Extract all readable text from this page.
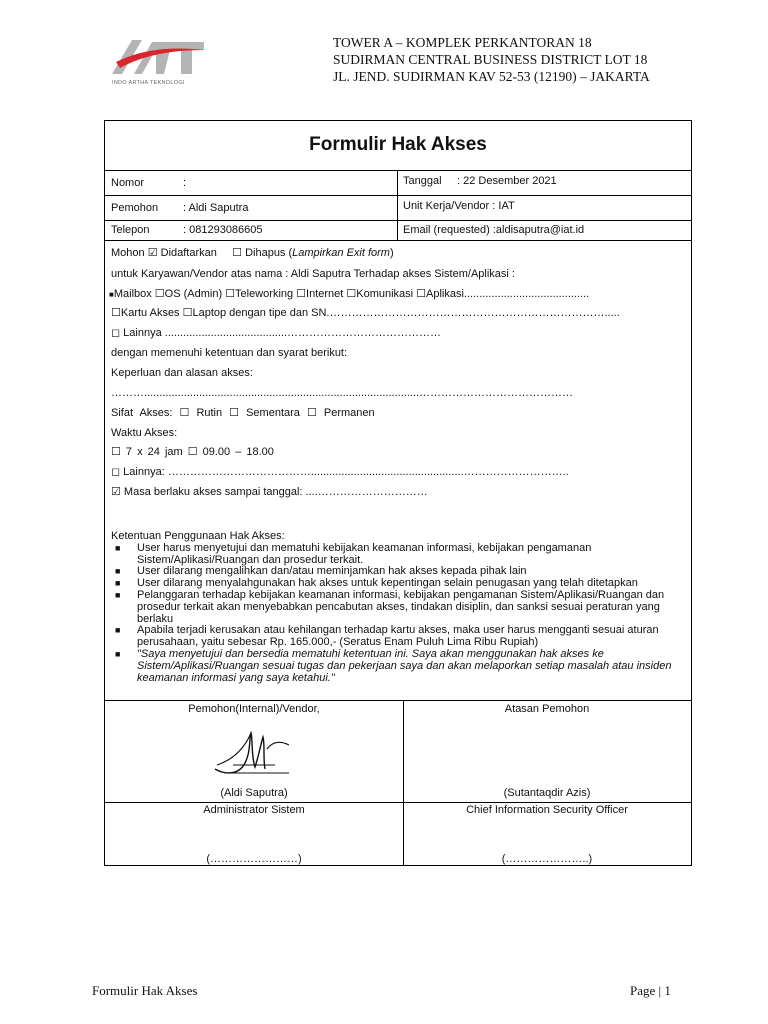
INDO ARTHA TEKNOLOGI
TOWER A – KOMPLEK PERKANTORAN 18
SUDIRMAN CENTRAL BUSINESS DISTRICT LOT 18
JL. JEND. SUDIRMAN KAV 52-53 (12190) – JAKARTA
Formulir Hak Akses
Nomor	:	Tanggal : 22 Desember 2021
Pemohon : Aldi Saputra	Unit Kerja/Vendor : IAT
Telepon	: 081293086605	Email (requested) :aldisaputra@iat.id
Mohon ☑ Didaftarkan ☐ Dihapus (Lampirkan Exit form)
untuk Karyawan/Vendor atas nama : Aldi Saputra Terhadap akses Sistem/Aplikasi :
■Mailbox ☐OS (Admin) ☐Teleworking ☐Internet ☐Komunikasi ☐Aplikasi.........................................
☐Kartu Akses ☐Laptop dengan tipe dan SN.………………………………………………………………….....
◻ Lainnya ........................................……………………………………
dengan memenuhi ketentuan dan syarat berikut:
Keperluan dan alasan akses:
………..........................................................................................……………………………………
Sifat Akses: ☐ Rutin ☐ Sementara ☐ Permanen
Waktu Akses:
☐ 7 x 24 jam ☐ 09.00 – 18.00
◻ Lainnya: …………………………………..................................................………………………..
☑ Masa berlaku akses sampai tanggal: ....…………………………
Ketentuan Penggunaan Hak Akses:
■ User harus menyetujui dan mematuhi kebijakan keamanan informasi, kebijakan pengamanan Sistem/Aplikasi/Ruangan dan prosedur terkait.
■ User dilarang mengalihkan dan/atau meminjamkan hak akses kepada pihak lain
■ User dilarang menyalahgunakan hak akses untuk kepentingan selain penugasan yang telah ditetapkan
■ Pelanggaran terhadap kebijakan keamanan informasi, kebijakan pengamanan Sistem/Aplikasi/Ruangan dan prosedur terkait akan menyebabkan pencabutan akses, tindakan disiplin, dan sanksi sesuai peraturan yang berlaku
■ Apabila terjadi kerusakan atau kehilangan terhadap kartu akses, maka user harus mengganti sesuai aturan perusahaan, yaitu sebesar Rp. 165.000,- (Seratus Enam Puluh Lima Ribu Rupiah)
■ "Saya menyetujui dan bersedia mematuhi ketentuan ini. Saya akan menggunakan hak akses ke Sistem/Aplikasi/Ruangan sesuai tugas dan pekerjaan saya dan akan melaporkan setiap masalah atau insiden keamanan informasi yang saya ketahui."
Pemohon(Internal)/Vendor,
(Aldi Saputra)
Atasan Pemohon
(Sutantaqdir Azis)
Administrator Sistem
(……………………)
Chief Information Security Officer
(…………………..)
Formulir Hak Akses	Page | 1
